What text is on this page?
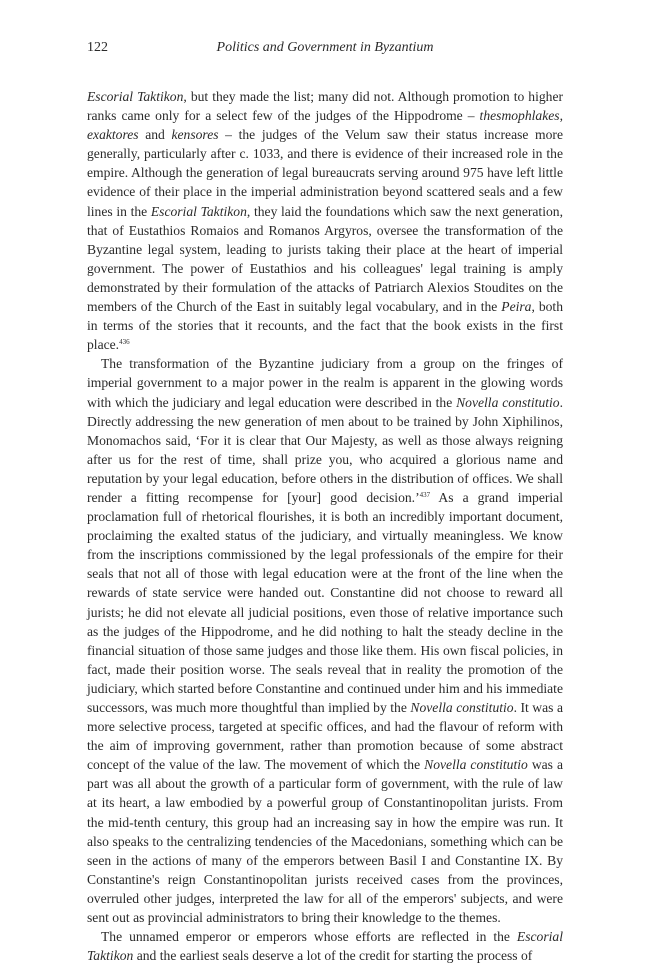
122	Politics and Government in Byzantium

Escorial Taktikon, but they made the list; many did not. Although promotion to higher ranks came only for a select few of the judges of the Hippodrome – thesmophlakes, exaktores and kensores – the judges of the Velum saw their status increase more generally, particularly after c. 1033, and there is evidence of their increased role in the empire. Although the generation of legal bureaucrats serving around 975 have left little evidence of their place in the imperial administration beyond scattered seals and a few lines in the Escorial Taktikon, they laid the foundations which saw the next generation, that of Eustathios Romaios and Romanos Argyros, oversee the transformation of the Byzantine legal system, leading to jurists taking their place at the heart of imperial government. The power of Eustathios and his colleagues' legal training is amply demonstrated by their formulation of the attacks of Patriarch Alexios Stoudites on the members of the Church of the East in suitably legal vocabulary, and in the Peira, both in terms of the stories that it recounts, and the fact that the book exists in the first place.$^{436}$

The transformation of the Byzantine judiciary from a group on the fringes of imperial government to a major power in the realm is apparent in the glowing words with which the judiciary and legal education were described in the Novella constitutio. Directly addressing the new generation of men about to be trained by John Xiphilinos, Monomachos said, ‘For it is clear that Our Majesty, as well as those always reigning after us for the rest of time, shall prize you, who acquired a glorious name and reputation by your legal education, before others in the distribution of offices. We shall render a fitting recompense for [your] good decision.’$^{437}$ As a grand imperial proclamation full of rhetorical flourishes, it is both an incredibly important document, proclaiming the exalted status of the judiciary, and virtually meaningless. We know from the inscriptions commissioned by the legal professionals of the empire for their seals that not all of those with legal education were at the front of the line when the rewards of state service were handed out. Constantine did not choose to reward all jurists; he did not elevate all judicial positions, even those of relative importance such as the judges of the Hippodrome, and he did nothing to halt the steady decline in the financial situation of those same judges and those like them. His own fiscal policies, in fact, made their position worse. The seals reveal that in reality the promotion of the judiciary, which started before Constantine and continued under him and his immediate successors, was much more thoughtful than implied by the Novella constitutio. It was a more selective process, targeted at specific offices, and had the flavour of reform with the aim of improving government, rather than promotion because of some abstract concept of the value of the law. The movement of which the Novella constitutio was a part was all about the growth of a particular form of government, with the rule of law at its heart, a law embodied by a powerful group of Constantinopolitan jurists. From the mid-tenth century, this group had an increasing say in how the empire was run. It also speaks to the centralizing tendencies of the Macedonians, something which can be seen in the actions of many of the emperors between Basil I and Constantine IX. By Constantine's reign Constantinopolitan jurists received cases from the provinces, overruled other judges, interpreted the law for all of the emperors' subjects, and were sent out as provincial administrators to bring their knowledge to the themes.

The unnamed emperor or emperors whose efforts are reflected in the Escorial Taktikon and the earliest seals deserve a lot of the credit for starting the process of
